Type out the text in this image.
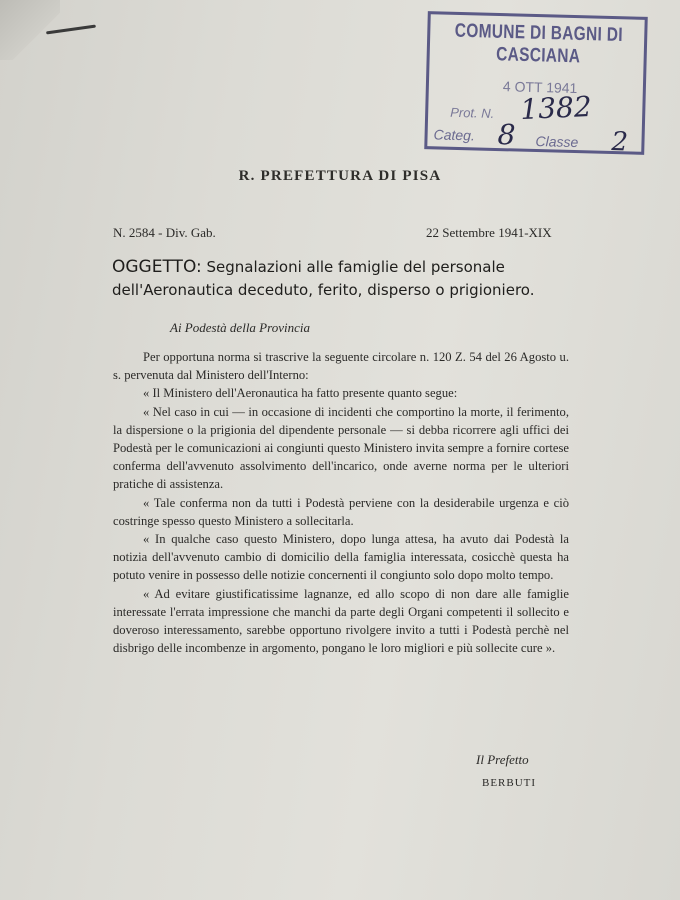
COMUNE DI BAGNI DI CASCIANA
4 OTT 1941
Prot. N. 1382
Categ. 8 Classe 2
R. PREFETTURA DI PISA
N. 2584 - Div. Gab.	22 Settembre 1941-XIX
OGGETTO: Segnalazioni alle famiglie del personale dell'Aeronautica deceduto, ferito, disperso o prigioniero.
Ai Podestà della Provincia

Per opportuna norma si trascrive la seguente circolare n. 120 Z. 54 del 26 Agosto u. s. pervenuta dal Ministero dell'Interno:

« Il Ministero dell'Aeronautica ha fatto presente quanto segue:

« Nel caso in cui — in occasione di incidenti che comportino la morte, il ferimento, la dispersione o la prigionia del dipendente personale — si debba ricorrere agli uffici dei Podestà per le comunicazioni ai congiunti questo Ministero invita sempre a fornire cortese conferma dell'avvenuto assolvimento dell'incarico, onde averne norma per le ulteriori pratiche di assistenza.

« Tale conferma non da tutti i Podestà perviene con la desiderabile urgenza e ciò costringe spesso questo Ministero a sollecitarla.

« In qualche caso questo Ministero, dopo lunga attesa, ha avuto dai Podestà la notizia dell'avvenuto cambio di domicilio della famiglia interessata, cosicchè questa ha potuto venire in possesso delle notizie concernenti il congiunto solo dopo molto tempo.

« Ad evitare giustificatissime lagnanze, ed allo scopo di non dare alle famiglie interessate l'errata impressione che manchi da parte degli Organi competenti il sollecito e doveroso interessamento, sarebbe opportuno rivolgere invito a tutti i Podestà perchè nel disbrigo delle incombenze in argomento, pongano le loro migliori e più sollecite cure ».

Il Prefetto
BERBUTI
